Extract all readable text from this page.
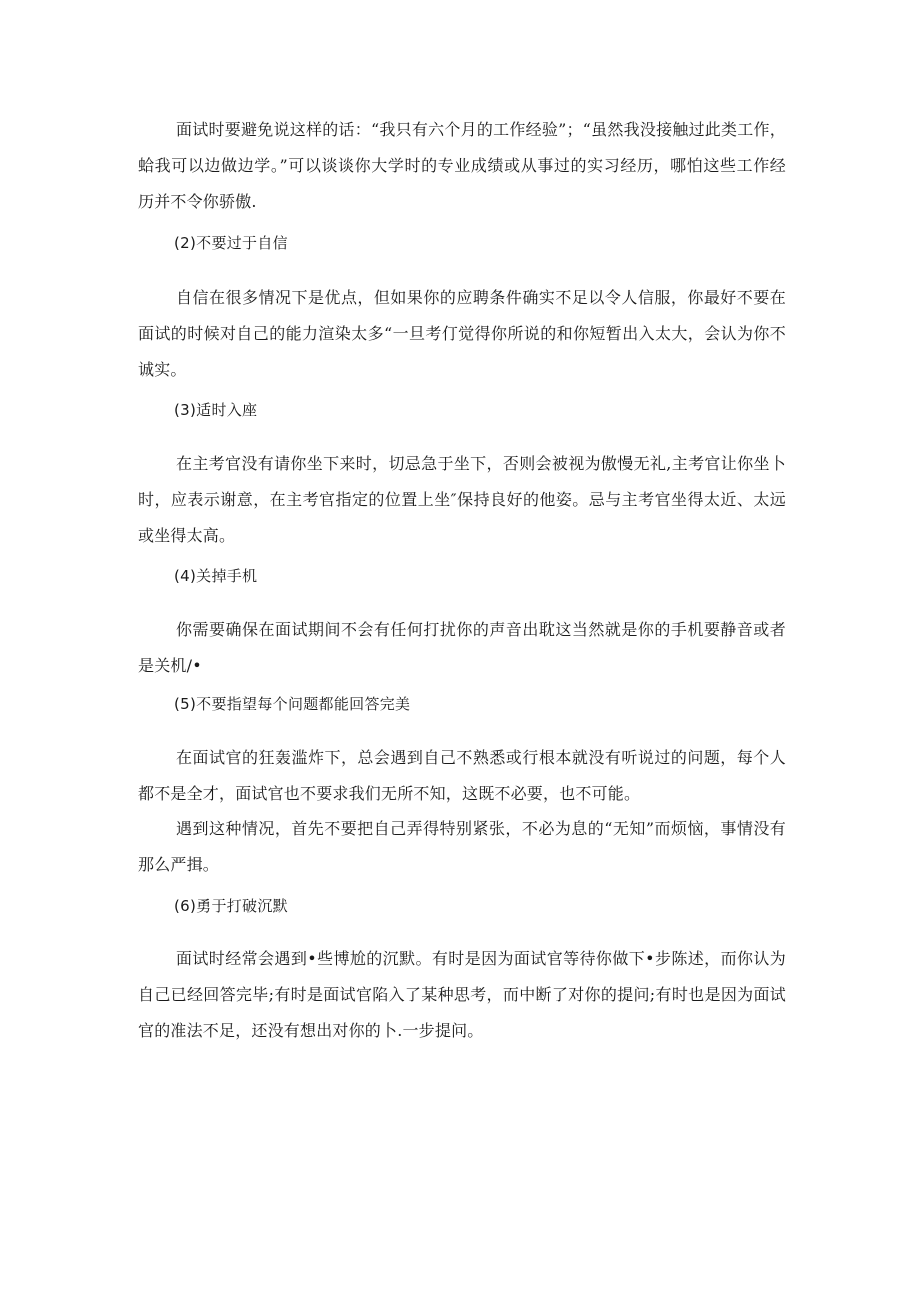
面试时要避免说这样的话：“我只有六个月的工作经验”；“虽然我没接触过此类工作，蛤我可以边做边学。”可以谈谈你大学时的专业成绩或从事过的实习经历，哪怕这些工作经历并不令你骄傲.

(2)不要过于自信

自信在很多情况下是优点，但如果你的应聘条件确实不足以令人信服，你最好不要在面试的时候对自己的能力渲染太多“一旦考仃觉得你所说的和你短暂出入太大，会认为你不诚实。

(3)适时入座

在主考官没有请你坐下来时，切忌急于坐下，否则会被视为傲慢无礼,主考官让你坐卜时，应表示谢意，在主考官指定的位置上坐″保持良好的他姿。忌与主考官坐得太近、太远或坐得太高。

(4)关掉手机

你需要确保在面试期间不会有任何打扰你的声音出耽这当然就是你的手机要静音或者是关机/•

(5)不要指望每个问题都能回答完美

在面试官的狂轰滥炸下，总会遇到自己不熟悉或行根本就没有听说过的问题，每个人都不是全才，面试官也不要求我们无所不知，这既不必要，也不可能。

遇到这种情况，首先不要把自己弄得特别紧张，不必为息的“无知”而烦恼，事情没有那么严揖。

(6)勇于打破沉默

面试时经常会遇到•些博尬的沉默。有时是因为面试官等待你做下•步陈述，而你认为自己已经回答完毕;有时是面试官陷入了某种思考，而中断了对你的提问;有时也是因为面试官的准法不足，还没有想出对你的卜.一步提问。
